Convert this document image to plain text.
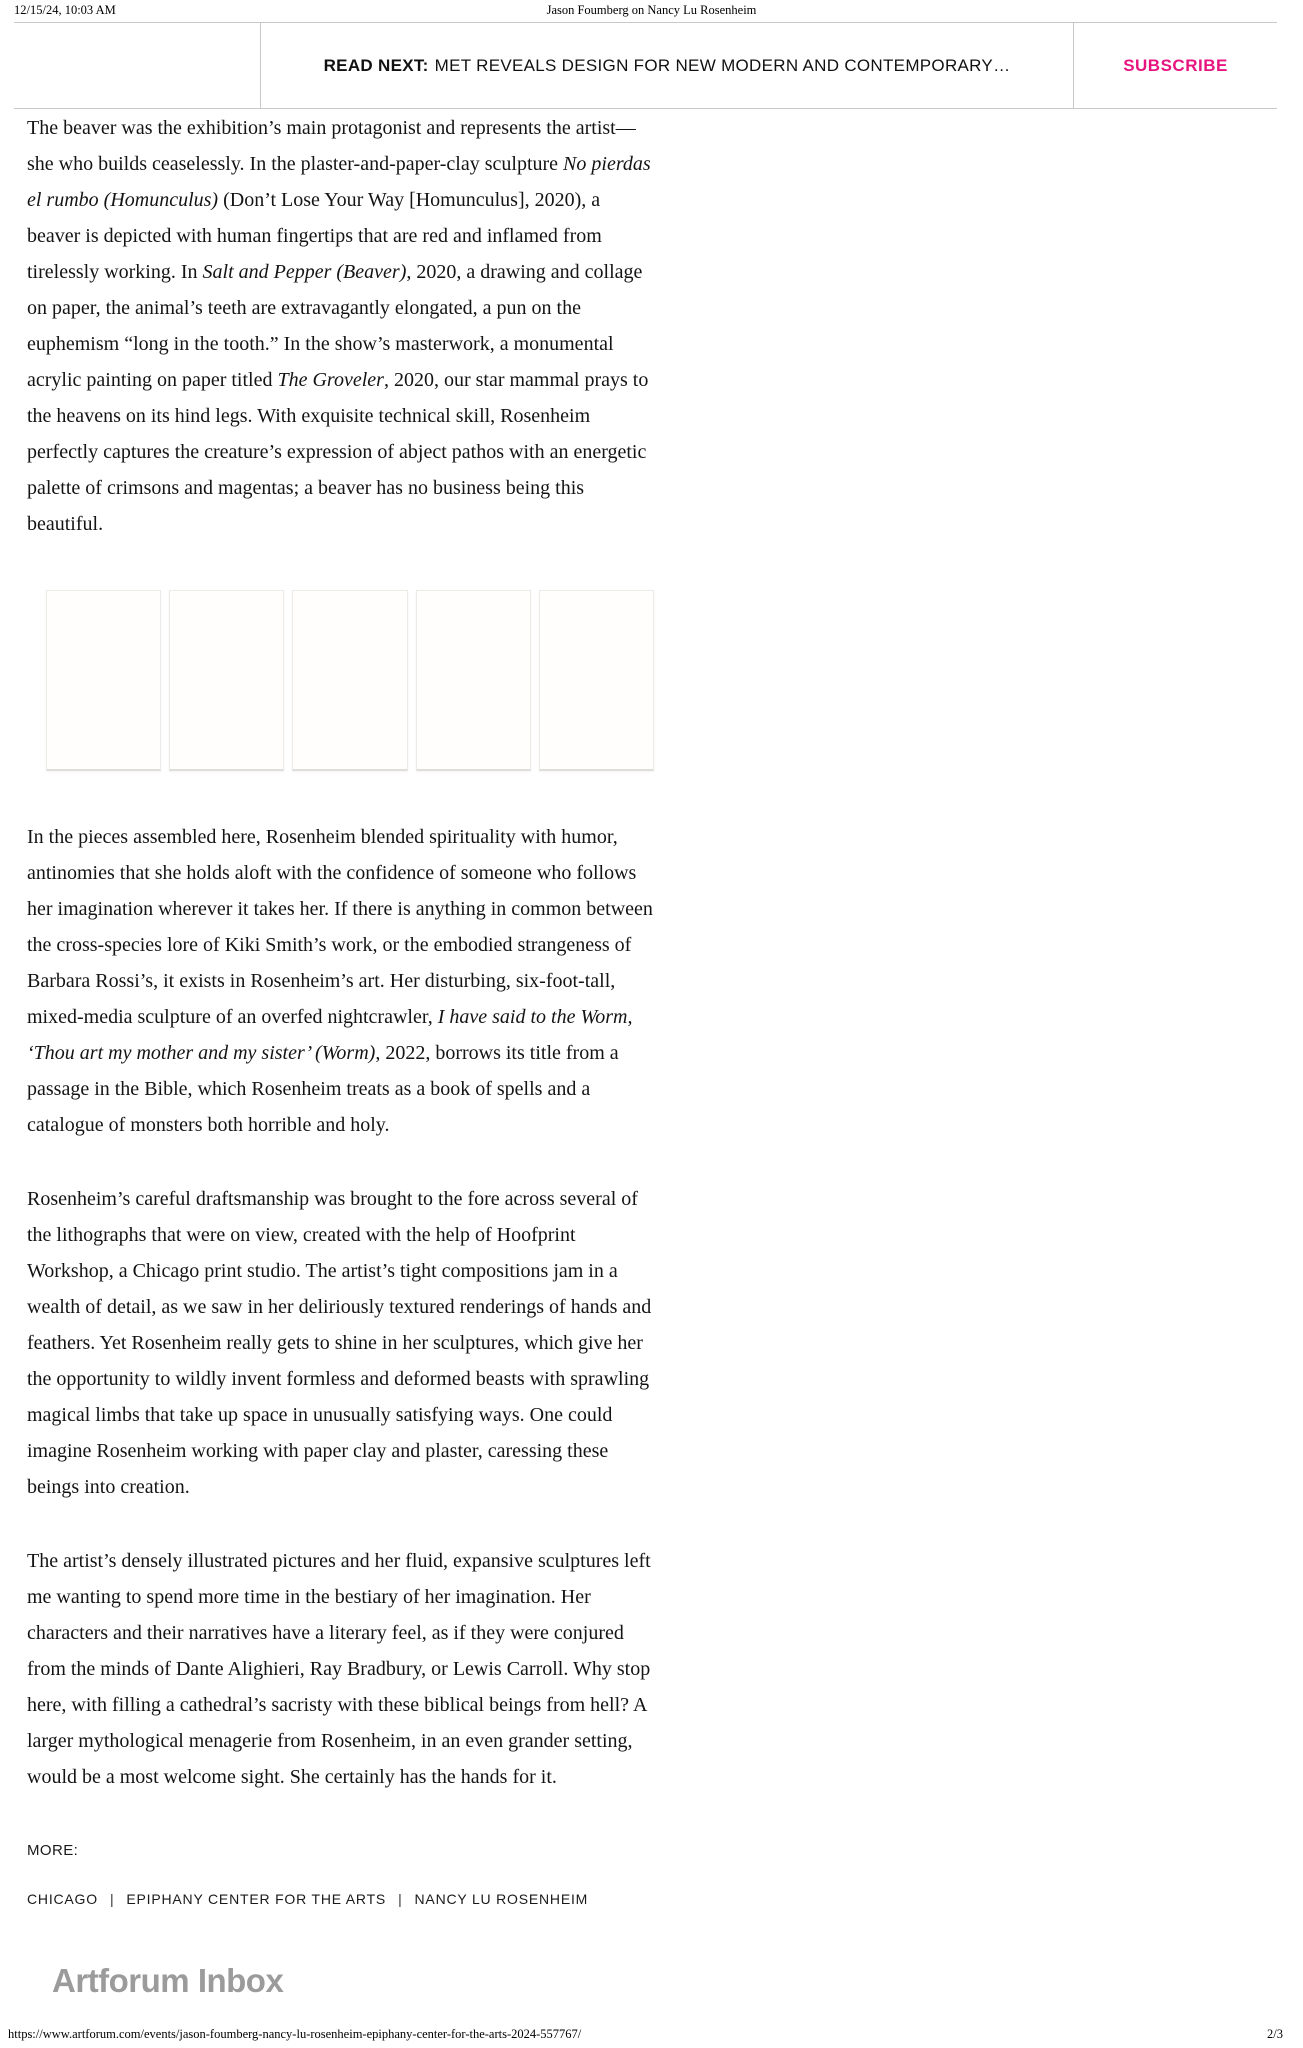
12/15/24, 10:03 AM	Jason Foumberg on Nancy Lu Rosenheim
READ NEXT: MET REVEALS DESIGN FOR NEW MODERN AND CONTEMPORARY…	SUBSCRIBE

The beaver was the exhibition’s main protagonist and represents the artist—she who builds ceaselessly. In the plaster-and-paper-clay sculpture No pierdas el rumbo (Homunculus) (Don’t Lose Your Way [Homunculus], 2020), a beaver is depicted with human fingertips that are red and inflamed from tirelessly working. In Salt and Pepper (Beaver), 2020, a drawing and collage on paper, the animal’s teeth are extravagantly elongated, a pun on the euphemism “long in the tooth.” In the show’s masterwork, a monumental acrylic painting on paper titled The Groveler, 2020, our star mammal prays to the heavens on its hind legs. With exquisite technical skill, Rosenheim perfectly captures the creature’s expression of abject pathos with an energetic palette of crimsons and magentas; a beaver has no business being this beautiful.

In the pieces assembled here, Rosenheim blended spirituality with humor, antinomies that she holds aloft with the confidence of someone who follows her imagination wherever it takes her. If there is anything in common between the cross-species lore of Kiki Smith’s work, or the embodied strangeness of Barbara Rossi’s, it exists in Rosenheim’s art. Her disturbing, six-foot-tall, mixed-media sculpture of an overfed nightcrawler, I have said to the Worm, ‘Thou art my mother and my sister’ (Worm), 2022, borrows its title from a passage in the Bible, which Rosenheim treats as a book of spells and a catalogue of monsters both horrible and holy.

Rosenheim’s careful draftsmanship was brought to the fore across several of the lithographs that were on view, created with the help of Hoofprint Workshop, a Chicago print studio. The artist’s tight compositions jam in a wealth of detail, as we saw in her deliriously textured renderings of hands and feathers. Yet Rosenheim really gets to shine in her sculptures, which give her the opportunity to wildly invent formless and deformed beasts with sprawling magical limbs that take up space in unusually satisfying ways. One could imagine Rosenheim working with paper clay and plaster, caressing these beings into creation.

The artist’s densely illustrated pictures and her fluid, expansive sculptures left me wanting to spend more time in the bestiary of her imagination. Her characters and their narratives have a literary feel, as if they were conjured from the minds of Dante Alighieri, Ray Bradbury, or Lewis Carroll. Why stop here, with filling a cathedral’s sacristy with these biblical beings from hell? A larger mythological menagerie from Rosenheim, in an even grander setting, would be a most welcome sight. She certainly has the hands for it.

MORE:
CHICAGO | EPIPHANY CENTER FOR THE ARTS | NANCY LU ROSENHEIM
Artforum Inbox
https://www.artforum.com/events/jason-foumberg-nancy-lu-rosenheim-epiphany-center-for-the-arts-2024-557767/	2/3
